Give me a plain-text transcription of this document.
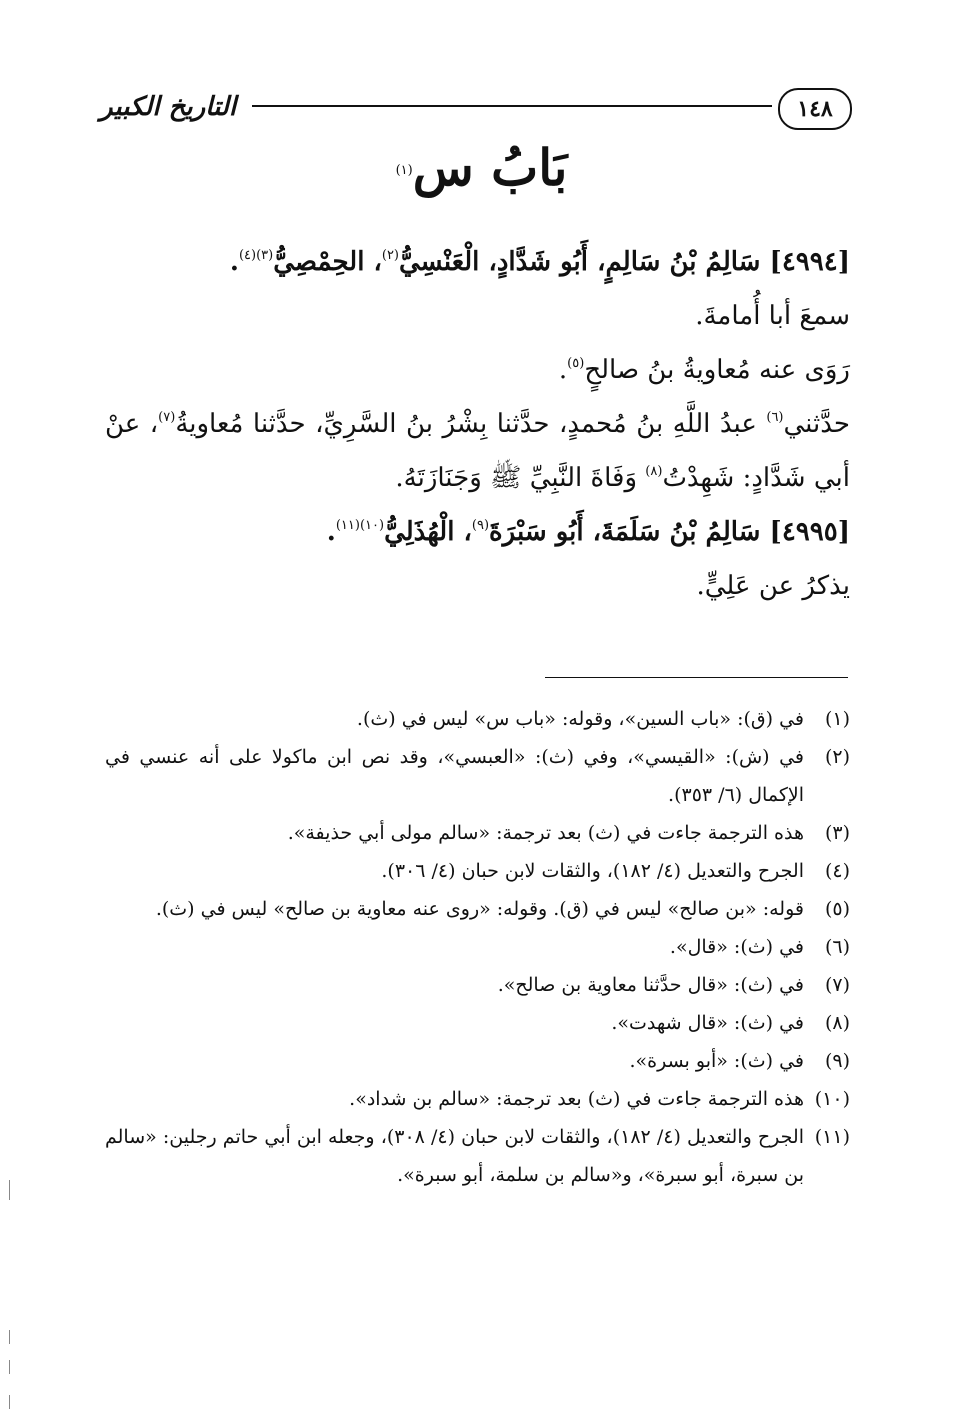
١٤٨
التاريخ الكبير
بَابُ س$^{(١)}$

[٤٩٩٤] سَالِمُ بْنُ سَالِمٍ، أَبُو شَدَّادٍ، الْعَنْسِيُّ$^{(٢)}$، الحِمْصِيُّ$^{(٣)(٤)}$.

سمعَ أبا أُمامةَ.

رَوَى عنه مُعاويةُ بنُ صالحٍ$^{(٥)}$.

حدَّثني$^{(٦)}$ عبدُ اللَّهِ بنُ مُحمدٍ، حدَّثنا بِشْرُ بنُ السَّرِيِّ، حدَّثنا مُعاويةُ$^{(٧)}$، عنْ أبي شَدَّادٍ: شَهِدْتُ$^{(٨)}$ وَفَاةَ النَّبِيِّ ﷺ وَجَنَازَتَهُ.

[٤٩٩٥] سَالِمُ بْنُ سَلَمَةَ، أَبُو سَبْرَةَ$^{(٩)}$، الْهُذَلِيُّ$^{(١٠)(١١)}$.

يذكرُ عن عَلِيٍّ.

(١)
في (ق): «باب السين»، وقوله: «باب س» ليس في (ث).
(٢)
في (ش): «القيسي»، وفي (ث): «العبسي»، وقد نص ابن ماكولا على أنه عنسي في الإكمال (٦/ ٣٥٣).
(٣)
هذه الترجمة جاءت في (ث) بعد ترجمة: «سالم مولى أبي حذيفة».
(٤)
الجرح والتعديل (٤/ ١٨٢)، والثقات لابن حبان (٤/ ٣٠٦).
(٥)
قوله: «بن صالح» ليس في (ق). وقوله: «روى عنه معاوية بن صالح» ليس في (ث).
(٦)
في (ث): «قال».
(٧)
في (ث): «قال حدَّثنا معاوية بن صالح».
(٨)
في (ث): «قال شهدت».
(٩)
في (ث): «أبو بسرة».
(١٠)
هذه الترجمة جاءت في (ث) بعد ترجمة: «سالم بن شداد».
(١١)
الجرح والتعديل (٤/ ١٨٢)، والثقات لابن حبان (٤/ ٣٠٨)، وجعله ابن أبي حاتم رجلين: «سالم بن سبرة، أبو سبرة»، و«سالم بن سلمة، أبو سبرة».
